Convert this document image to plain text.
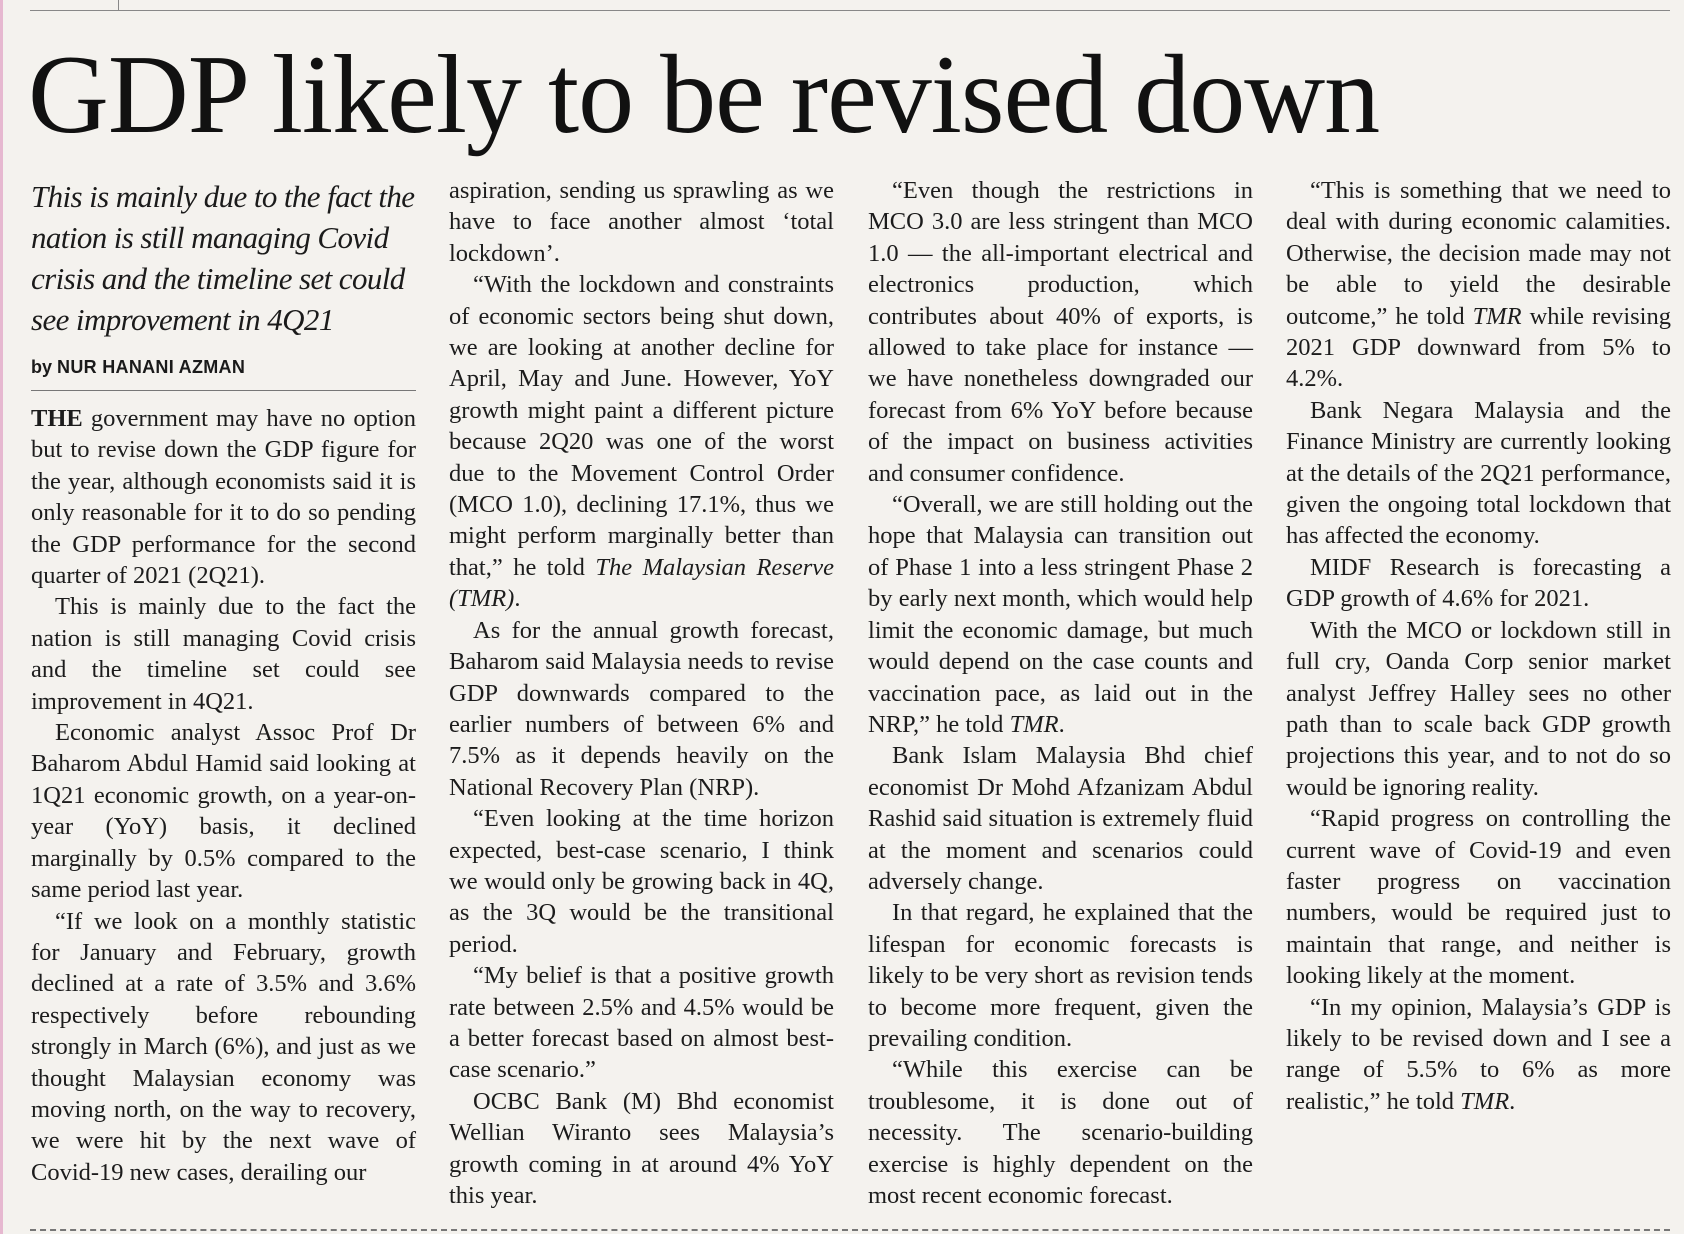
GDP likely to be revised down

This is mainly due to the fact the nation is still managing Covid crisis and the timeline set could see improvement in 4Q21

by NUR HANANI AZMAN

THE government may have no option but to revise down the GDP figure for the year, although economists said it is only reasonable for it to do so pending the GDP performance for the second quarter of 2021 (2Q21).

This is mainly due to the fact the nation is still managing Covid crisis and the timeline set could see improvement in 4Q21.

Economic analyst Assoc Prof Dr Baharom Abdul Hamid said looking at 1Q21 economic growth, on a year-on-year (YoY) basis, it declined marginally by 0.5% compared to the same period last year.

“If we look on a monthly statistic for January and February, growth declined at a rate of 3.5% and 3.6% respectively before rebounding strongly in March (6%), and just as we thought Malaysian economy was moving north, on the way to recovery, we were hit by the next wave of Covid-19 new cases, derailing our

aspiration, sending us sprawling as we have to face another almost ‘total lockdown’.

“With the lockdown and constraints of economic sectors being shut down, we are looking at another decline for April, May and June. However, YoY growth might paint a different picture because 2Q20 was one of the worst due to the Movement Control Order (MCO 1.0), declining 17.1%, thus we might perform marginally better than that,” he told The Malaysian Reserve (TMR).

As for the annual growth forecast, Baharom said Malaysia needs to revise GDP downwards compared to the earlier numbers of between 6% and 7.5% as it depends heavily on the National Recovery Plan (NRP).

“Even looking at the time horizon expected, best-case scenario, I think we would only be growing back in 4Q, as the 3Q would be the transitional period.

“My belief is that a positive growth rate between 2.5% and 4.5% would be a better forecast based on almost best-case scenario.”

OCBC Bank (M) Bhd economist Wellian Wiranto sees Malaysia’s growth coming in at around 4% YoY this year.

“Even though the restrictions in MCO 3.0 are less stringent than MCO 1.0 — the all-important electrical and electronics production, which contributes about 40% of exports, is allowed to take place for instance — we have nonetheless downgraded our forecast from 6% YoY before because of the impact on business activities and consumer confidence.

“Overall, we are still holding out the hope that Malaysia can transition out of Phase 1 into a less stringent Phase 2 by early next month, which would help limit the economic damage, but much would depend on the case counts and vaccination pace, as laid out in the NRP,” he told TMR.

Bank Islam Malaysia Bhd chief economist Dr Mohd Afzanizam Abdul Rashid said situation is extremely fluid at the moment and scenarios could adversely change.

In that regard, he explained that the lifespan for economic forecasts is likely to be very short as revision tends to become more frequent, given the prevailing condition.

“While this exercise can be troublesome, it is done out of necessity. The scenario-building exercise is highly dependent on the most recent economic forecast.

“This is something that we need to deal with during economic calamities. Otherwise, the decision made may not be able to yield the desirable outcome,” he told TMR while revising 2021 GDP downward from 5% to 4.2%.

Bank Negara Malaysia and the Finance Ministry are currently looking at the details of the 2Q21 performance, given the ongoing total lockdown that has affected the economy.

MIDF Research is forecasting a GDP growth of 4.6% for 2021.

With the MCO or lockdown still in full cry, Oanda Corp senior market analyst Jeffrey Halley sees no other path than to scale back GDP growth projections this year, and to not do so would be ignoring reality.

“Rapid progress on controlling the current wave of Covid-19 and even faster progress on vaccination numbers, would be required just to maintain that range, and neither is looking likely at the moment.

“In my opinion, Malaysia’s GDP is likely to be revised down and I see a range of 5.5% to 6% as more realistic,” he told TMR.
